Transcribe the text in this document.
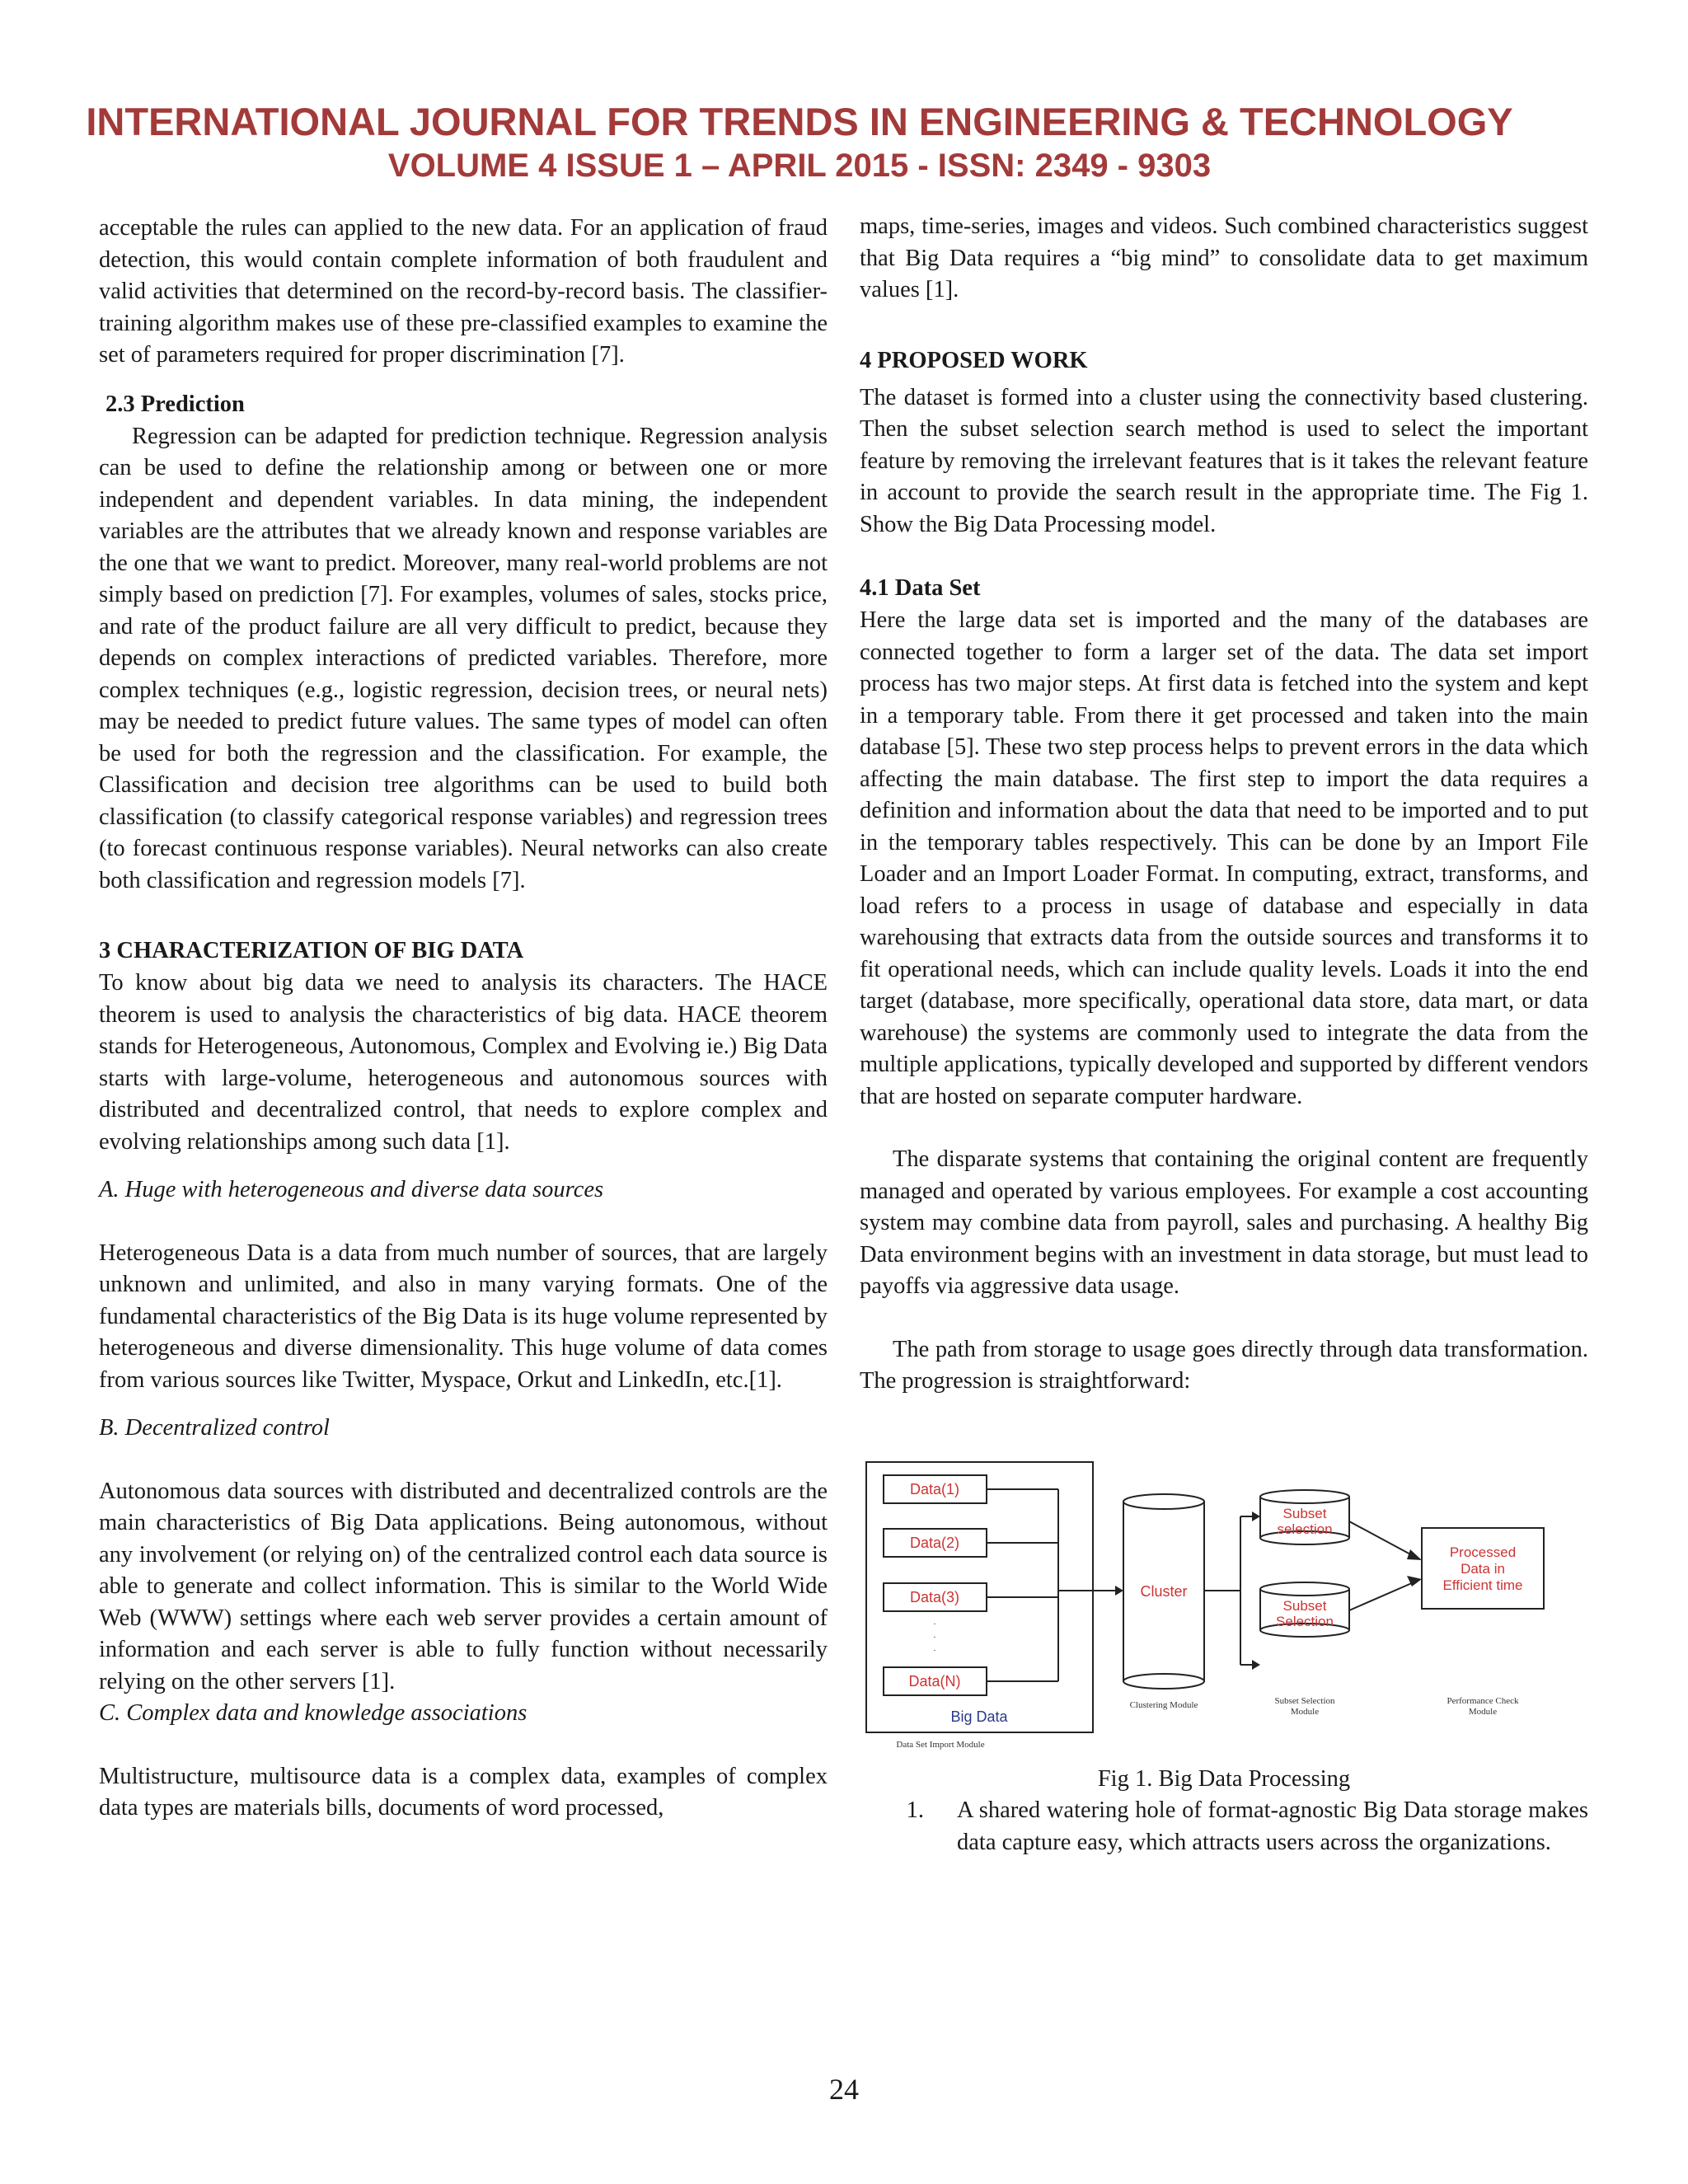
INTERNATIONAL JOURNAL FOR TRENDS IN ENGINEERING & TECHNOLOGY
VOLUME 4 ISSUE 1 – APRIL 2015 - ISSN: 2349 - 9303

acceptable the rules can applied to the new data. For an application of fraud detection, this would contain complete information of both fraudulent and valid activities that determined on the record-by-record basis. The classifier-training algorithm makes use of these pre-classified examples to examine the set of parameters required for proper discrimination [7].

2.3 Prediction

Regression can be adapted for prediction technique. Regression analysis can be used to define the relationship among or between one or more independent and dependent variables. In data mining, the independent variables are the attributes that we already known and response variables are the one that we want to predict. Moreover, many real-world problems are not simply based on prediction [7]. For examples, volumes of sales, stocks price, and rate of the product failure are all very difficult to predict, because they depends on complex interactions of predicted variables. Therefore, more complex techniques (e.g., logistic regression, decision trees, or neural nets) may be needed to predict future values. The same types of model can often be used for both the regression and the classification. For example, the Classification and decision tree algorithms can be used to build both classification (to classify categorical response variables) and regression trees (to forecast continuous response variables). Neural networks can also create both classification and regression models [7].

3 CHARACTERIZATION OF BIG DATA

To know about big data we need to analysis its characters. The HACE theorem is used to analysis the characteristics of big data. HACE theorem stands for Heterogeneous, Autonomous, Complex and Evolving ie.) Big Data starts with large-volume, heterogeneous and autonomous sources with distributed and decentralized control, that needs to explore complex and evolving relationships among such data [1].

A. Huge with heterogeneous and diverse data sources

Heterogeneous Data is a data from much number of sources, that are largely unknown and unlimited, and also in many varying formats. One of the fundamental characteristics of the Big Data is its huge volume represented by heterogeneous and diverse dimensionality. This huge volume of data comes from various sources like Twitter, Myspace, Orkut and LinkedIn, etc.[1].

B. Decentralized control

Autonomous data sources with distributed and decentralized controls are the main characteristics of Big Data applications. Being autonomous, without any involvement (or relying on) of the centralized control each data source is able to generate and collect information. This is similar to the World Wide Web (WWW) settings where each web server provides a certain amount of information and each server is able to fully function without necessarily relying on the other servers [1].

C. Complex data and knowledge associations

Multistructure, multisource data is a complex data, examples of complex data types are materials bills, documents of word processed,

maps, time-series, images and videos. Such combined characteristics suggest that Big Data requires a “big mind” to consolidate data to get maximum values [1].

4 PROPOSED WORK

The dataset is formed into a cluster using the connectivity based clustering. Then the subset selection search method is used to select the important feature by removing the irrelevant features that is it takes the relevant feature in account to provide the search result in the appropriate time. The Fig 1. Show the Big Data Processing model.

4.1 Data Set

Here the large data set is imported and the many of the databases are connected together to form a larger set of the data. The data set import process has two major steps. At first data is fetched into the system and kept in a temporary table. From there it get processed and taken into the main database [5]. These two step process helps to prevent errors in the data which affecting the main database. The first step to import the data requires a definition and information about the data that need to be imported and to put in the temporary tables respectively. This can be done by an Import File Loader and an Import Loader Format. In computing, extract, transforms, and load refers to a process in usage of database and especially in data warehousing that extracts data from the outside sources and transforms it to fit operational needs, which can include quality levels. Loads it into the end target (database, more specifically, operational data store, data mart, or data warehouse) the systems are commonly used to integrate the data from the multiple applications, typically developed and supported by different vendors that are hosted on separate computer hardware.

The disparate systems that containing the original content are frequently managed and operated by various employees. For example a cost accounting system may combine data from payroll, sales and purchasing. A healthy Big Data environment begins with an investment in data storage, but must lead to payoffs via aggressive data usage.

The path from storage to usage goes directly through data transformation. The progression is straightforward:

Data(1)
Data(2)
Data(3)
.
.
.
Data(N)
Big Data
Data Set Import Module
Cluster
Clustering Module
Subset
selection
Subset
Selection
Subset Selection
Module
Processed
Data in
Efficient time
Performance Check
Module

Fig 1. Big Data Processing

1.	A shared watering hole of format-agnostic Big Data storage makes data capture easy, which attracts users across the organizations.
24
